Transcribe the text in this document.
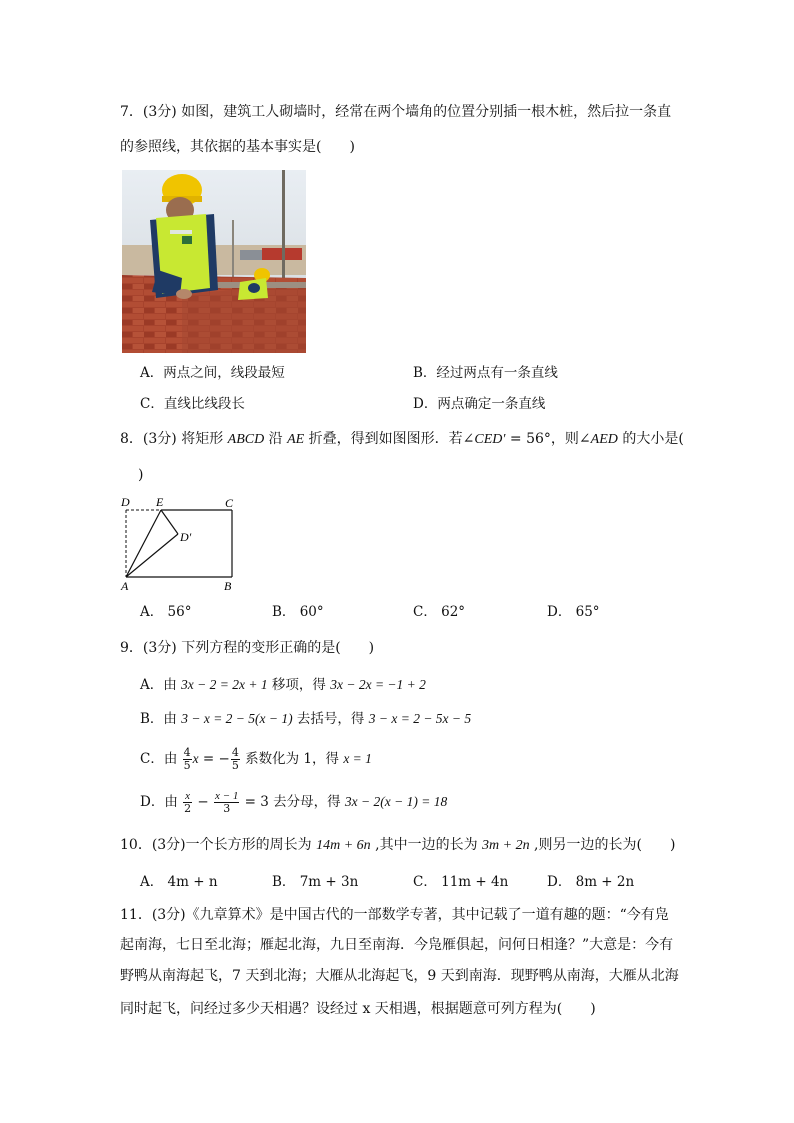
7．(3分) 如图，建筑工人砌墙时，经常在两个墙角的位置分别插一根木桩，然后拉一条直
的参照线，其依据的基本事实是(　　)
A．两点之间，线段最短	B．经过两点有一条直线
C．直线比线段长	D．两点确定一条直线
8．(3分) 将矩形 ABCD 沿 AE 折叠，得到如图图形．若∠CED′ = 56°，则∠AED 的大小是(
)
D E	C
D′
A	B
A． 56°	B． 60°	C． 62°	D． 65°
9．(3分) 下列方程的变形正确的是(　　)
A．由 3x − 2 = 2x + 1 移项，得 3x − 2x = −1 + 2
B．由 3 − x = 2 − 5(x − 1) 去括号，得 3 − x = 2 − 5x − 5
C．由 $\frac{4}{5}$ x = − $\frac{4}{5}$ 系数化为 1，得 x = 1
D．由 $\frac{x}{2} - \frac{x - 1}{3} = 3$ 去分母，得 3x − 2(x − 1) = 18
10．(3分)一个长方形的周长为 14m + 6n ,其中一边的长为 3m + 2n ,则另一边的长为(　　)
A． 4m + n	B． 7m + 3n	C． 11m + 4n	D． 8m + 2n
11．(3分)《九章算术》是中国古代的一部数学专著，其中记载了一道有趣的题：“今有凫
起南海，七日至北海；雁起北海，九日至南海．今凫雁俱起，问何日相逢？”大意是：今有
野鸭从南海起飞，7 天到北海；大雁从北海起飞，9 天到南海．现野鸭从南海，大雁从北海
同时起飞，问经过多少天相遇？设经过 x 天相遇，根据题意可列方程为(　　)
